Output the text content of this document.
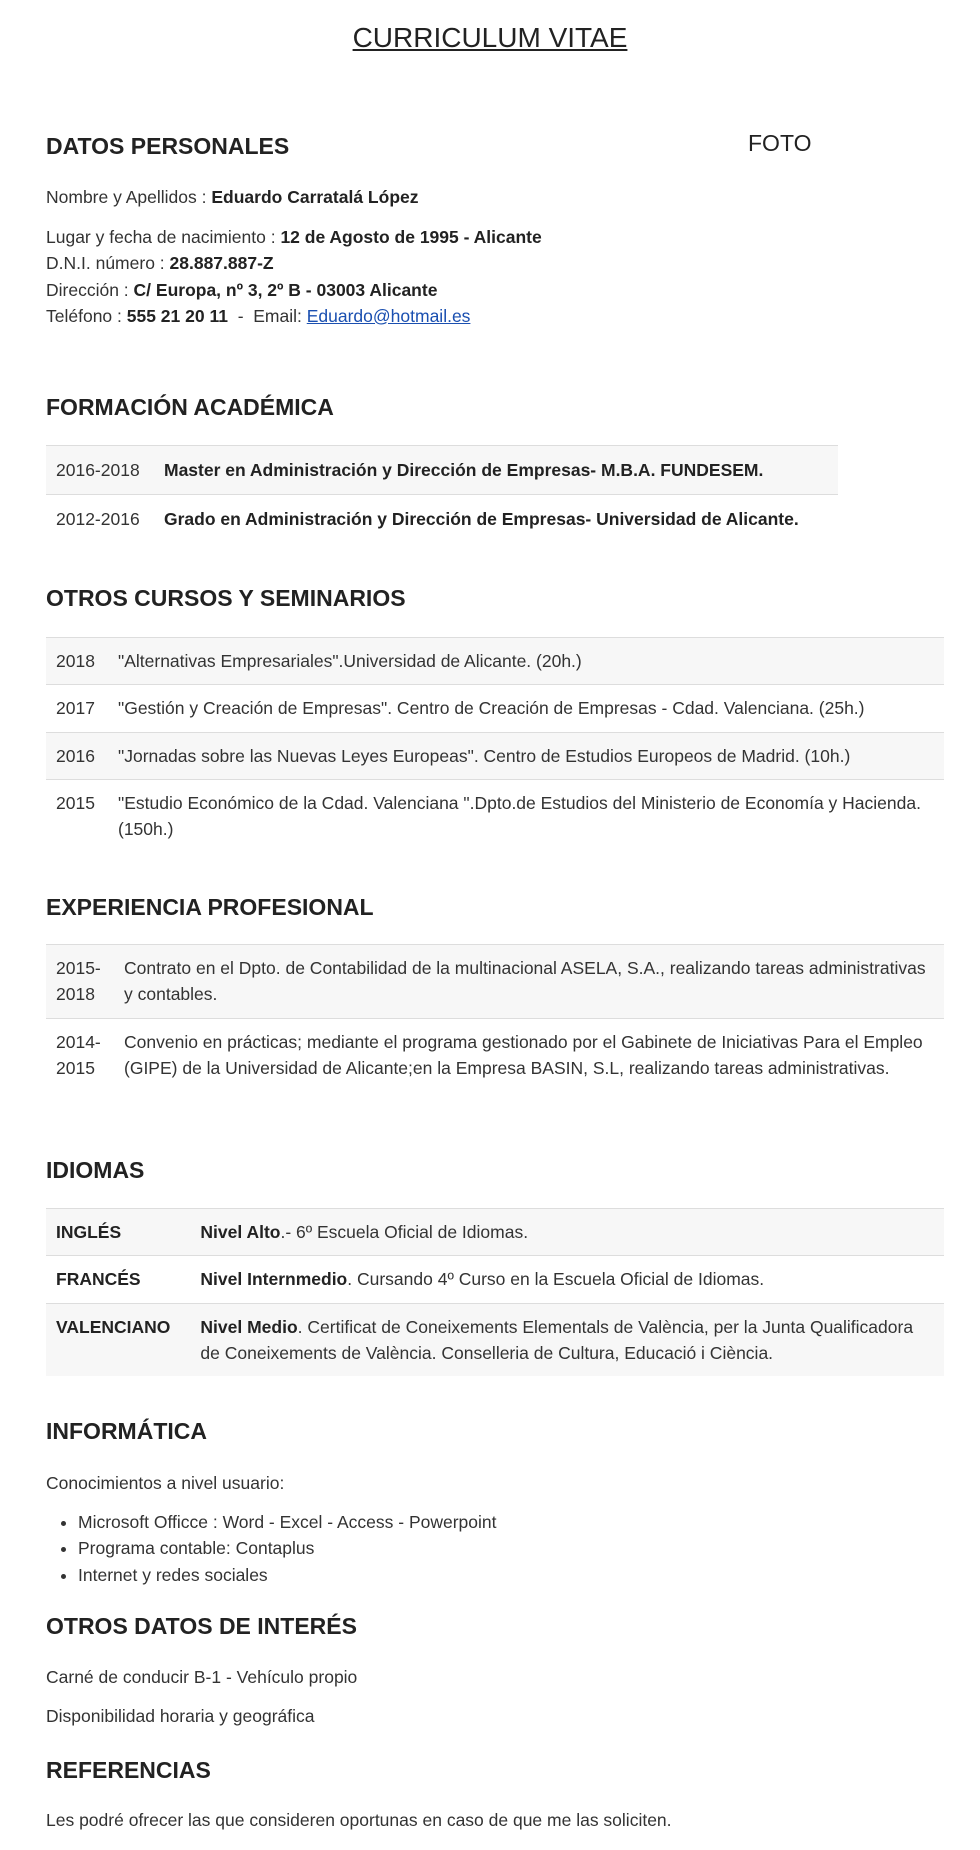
CURRICULUM VITAE
DATOS PERSONALES	FOTO

Nombre y Apellidos : Eduardo Carratalá López

Lugar y fecha de nacimiento : 12 de Agosto de 1995 - Alicante

D.N.I. número : 28.887.887-Z

Dirección : C/ Europa, nº 3, 2º B - 03003 Alicante

Teléfono : 555 21 20 11  -  Email: Eduardo@hotmail.es

FORMACIÓN ACADÉMICA
2016-2018	Master en Administración y Dirección de Empresas- M.B.A. FUNDESEM.
2012-2016	Grado en Administración y Dirección de Empresas- Universidad de Alicante.
OTROS CURSOS Y SEMINARIOS
2018	"Alternativas Empresariales".Universidad de Alicante. (20h.)
2017	"Gestión y Creación de Empresas". Centro de Creación de Empresas - Cdad. Valenciana. (25h.)
2016	"Jornadas sobre las Nuevas Leyes Europeas". Centro de Estudios Europeos de Madrid. (10h.)
2015	"Estudio Económico de la Cdad. Valenciana ".Dpto.de Estudios del Ministerio de Economía y Hacienda. (150h.)
EXPERIENCIA PROFESIONAL
2015-2018	Contrato en el Dpto. de Contabilidad de la multinacional ASELA, S.A., realizando tareas administrativas y contables.
2014-2015	Convenio en prácticas; mediante el programa gestionado por el Gabinete de Iniciativas Para el Empleo (GIPE) de la Universidad de Alicante;en la Empresa BASIN, S.L, realizando tareas administrativas.
IDIOMAS
INGLÉS	Nivel Alto.- 6º Escuela Oficial de Idiomas.
FRANCÉS	Nivel Internmedio. Cursando 4º Curso en la Escuela Oficial de Idiomas.
VALENCIANO	Nivel Medio. Certificat de Coneixements Elementals de València, per la Junta Qualificadora de Coneixements de València. Conselleria de Cultura, Educació i Ciència.
INFORMÁTICA

Conocimientos a nivel usuario:

• Microsoft Officce : Word - Excel - Access - Powerpoint
• Programa contable: Contaplus
• Internet y redes sociales
OTROS DATOS DE INTERÉS

Carné de conducir B-1 - Vehículo propio

Disponibilidad horaria y geográfica

REFERENCIAS

Les podré ofrecer las que consideren oportunas en caso de que me las soliciten.
